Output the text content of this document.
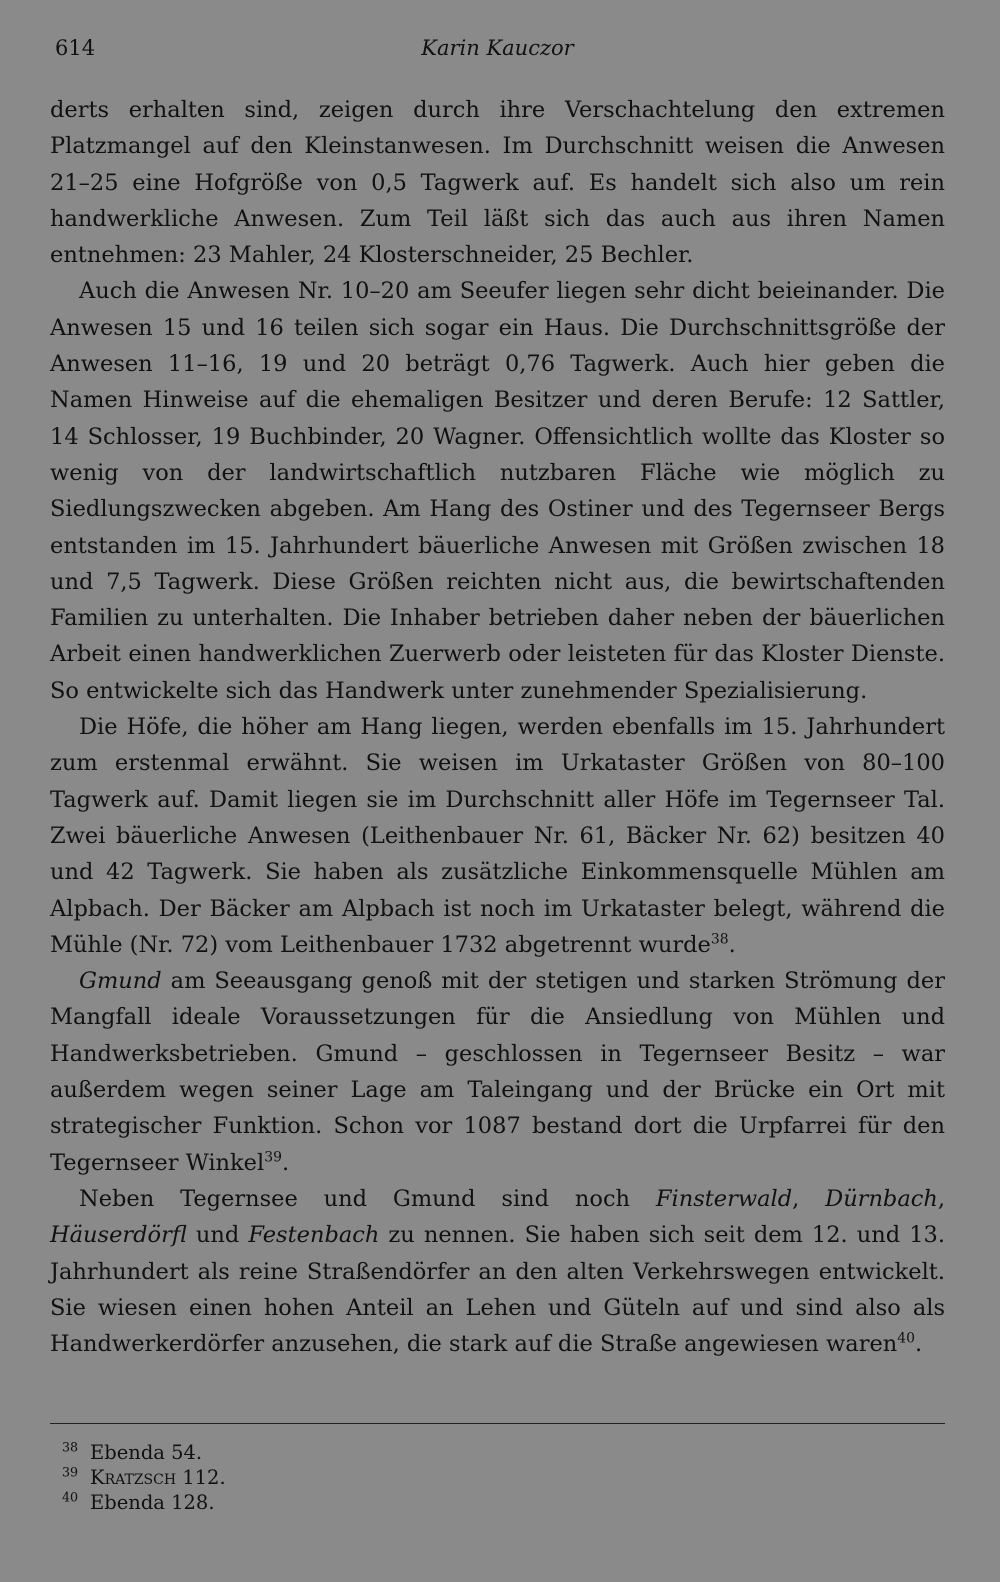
614	Karin Kauczor

derts erhalten sind, zeigen durch ihre Verschachtelung den extremen Platzmangel auf den Kleinstanwesen. Im Durchschnitt weisen die Anwesen 21–25 eine Hofgröße von 0,5 Tagwerk auf. Es handelt sich also um rein handwerkliche Anwesen. Zum Teil läßt sich das auch aus ihren Namen entnehmen: 23 Mahler, 24 Klosterschneider, 25 Bechler.

Auch die Anwesen Nr. 10–20 am Seeufer liegen sehr dicht beieinander. Die Anwesen 15 und 16 teilen sich sogar ein Haus. Die Durchschnittsgröße der Anwesen 11–16, 19 und 20 beträgt 0,76 Tagwerk. Auch hier geben die Namen Hinweise auf die ehemaligen Besitzer und deren Berufe: 12 Sattler, 14 Schlosser, 19 Buchbinder, 20 Wagner. Offensichtlich wollte das Kloster so wenig von der landwirtschaftlich nutzbaren Fläche wie möglich zu Siedlungszwecken abgeben. Am Hang des Ostiner und des Tegernseer Bergs entstanden im 15. Jahrhundert bäuerliche Anwesen mit Größen zwischen 18 und 7,5 Tagwerk. Diese Größen reichten nicht aus, die bewirtschaftenden Familien zu unterhalten. Die Inhaber betrieben daher neben der bäuerlichen Arbeit einen handwerklichen Zuerwerb oder leisteten für das Kloster Dienste. So entwickelte sich das Handwerk unter zunehmender Spezialisierung.

Die Höfe, die höher am Hang liegen, werden ebenfalls im 15. Jahrhundert zum erstenmal erwähnt. Sie weisen im Urkataster Größen von 80–100 Tagwerk auf. Damit liegen sie im Durchschnitt aller Höfe im Tegernseer Tal. Zwei bäuerliche Anwesen (Leithenbauer Nr. 61, Bäcker Nr. 62) besitzen 40 und 42 Tagwerk. Sie haben als zusätzliche Einkommensquelle Mühlen am Alpbach. Der Bäcker am Alpbach ist noch im Urkataster belegt, während die Mühle (Nr. 72) vom Leithenbauer 1732 abgetrennt wurde$^{38}$.

Gmund am Seeausgang genoß mit der stetigen und starken Strömung der Mangfall ideale Voraussetzungen für die Ansiedlung von Mühlen und Handwerksbetrieben. Gmund – geschlossen in Tegernseer Besitz – war außerdem wegen seiner Lage am Taleingang und der Brücke ein Ort mit strategischer Funktion. Schon vor 1087 bestand dort die Urpfarrei für den Tegernseer Winkel$^{39}$.

Neben Tegernsee und Gmund sind noch Finsterwald, Dürnbach, Häuserdörfl und Festenbach zu nennen. Sie haben sich seit dem 12. und 13. Jahrhundert als reine Straßendörfer an den alten Verkehrswegen entwickelt. Sie wiesen einen hohen Anteil an Lehen und Güteln auf und sind also als Handwerkerdörfer anzusehen, die stark auf die Straße angewiesen waren$^{40}$.

$^{38}$ Ebenda 54.
$^{39}$ Kratzsch 112.
$^{40}$ Ebenda 128.
